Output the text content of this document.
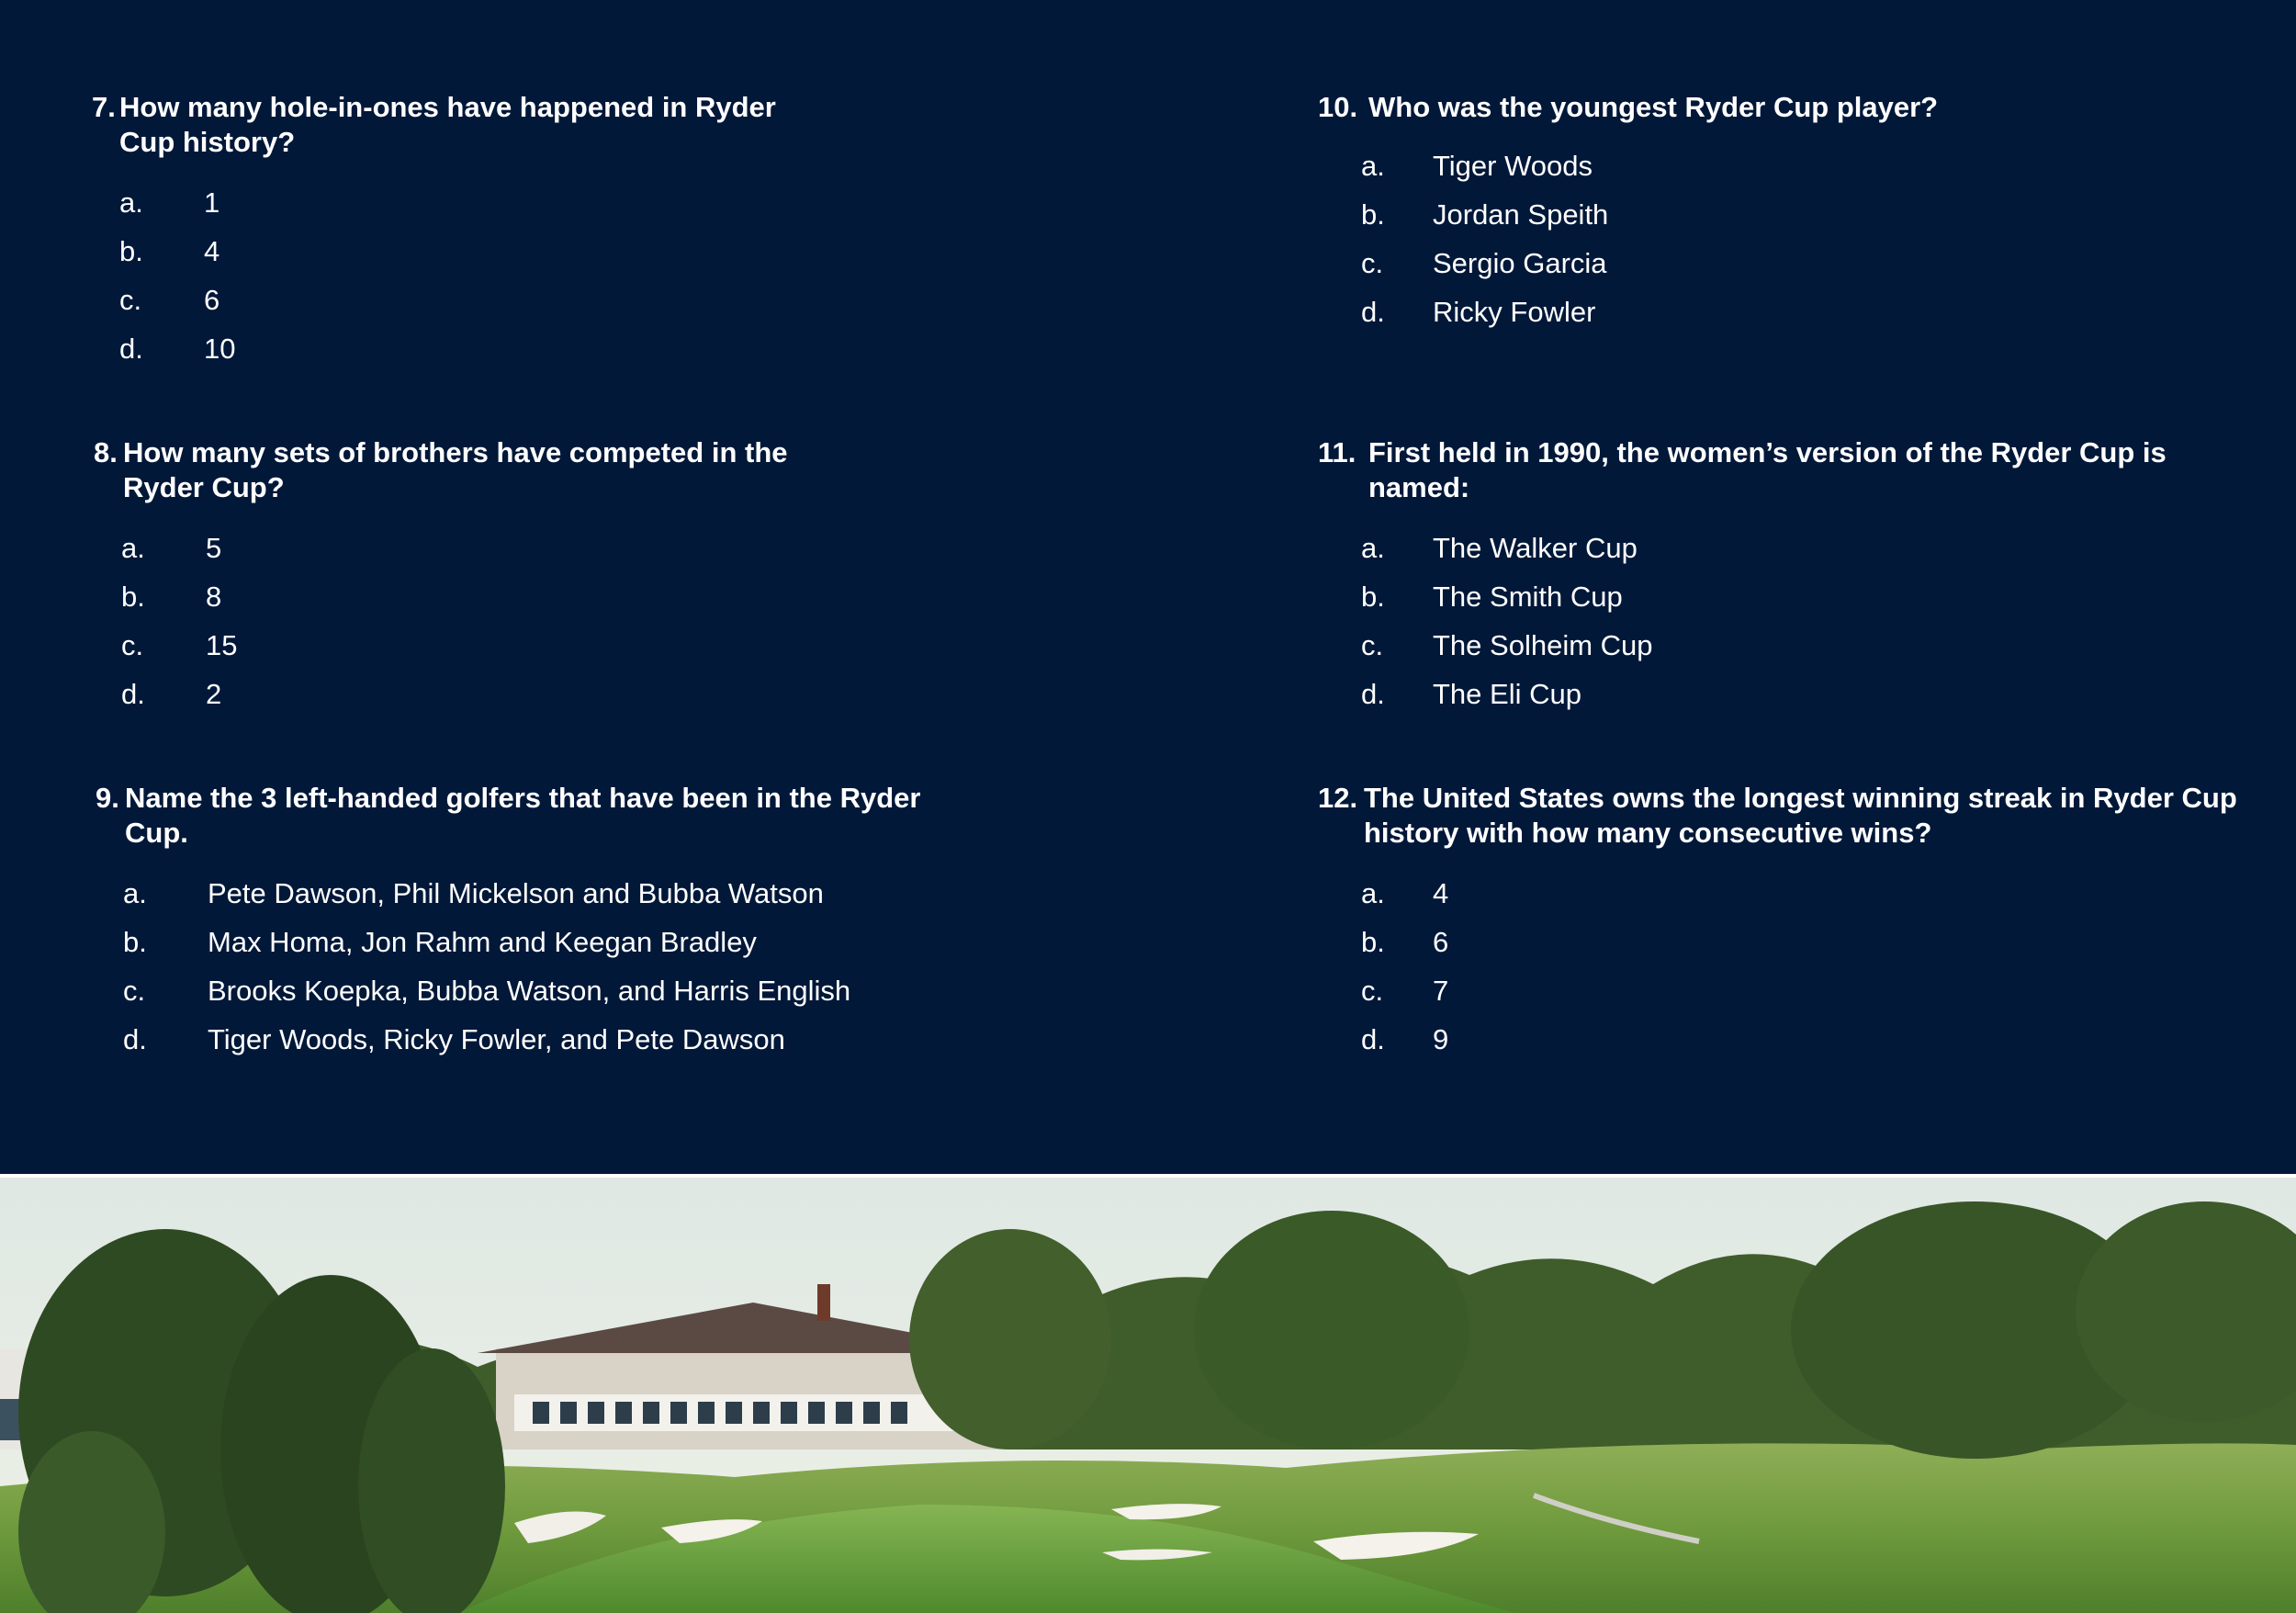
7. How many hole-in-ones have happened in Ryder Cup history?
a.	1
b.	4
c.	6
d.	10
8. How many sets of brothers have competed in the Ryder Cup?
a.	5
b.	8
c.	15
d.	2
9. Name the 3 left-handed golfers that have been in the Ryder Cup.
a.	Pete Dawson, Phil Mickelson and Bubba Watson
b.	Max Homa, Jon Rahm and Keegan Bradley
c.	Brooks Koepka, Bubba Watson, and Harris English
d.	Tiger Woods, Ricky Fowler, and Pete Dawson
10. Who was the youngest Ryder Cup player?
a.	Tiger Woods
b.	Jordan Speith
c.	Sergio Garcia
d.	Ricky Fowler
11. First held in 1990, the women’s version of the Ryder Cup is named:
a.	The Walker Cup
b.	The Smith Cup
c.	The Solheim Cup
d.	The Eli Cup
12. The United States owns the longest winning streak in Ryder Cup history with how many consecutive wins?
a.	4
b.	6
c.	7
d.	9
